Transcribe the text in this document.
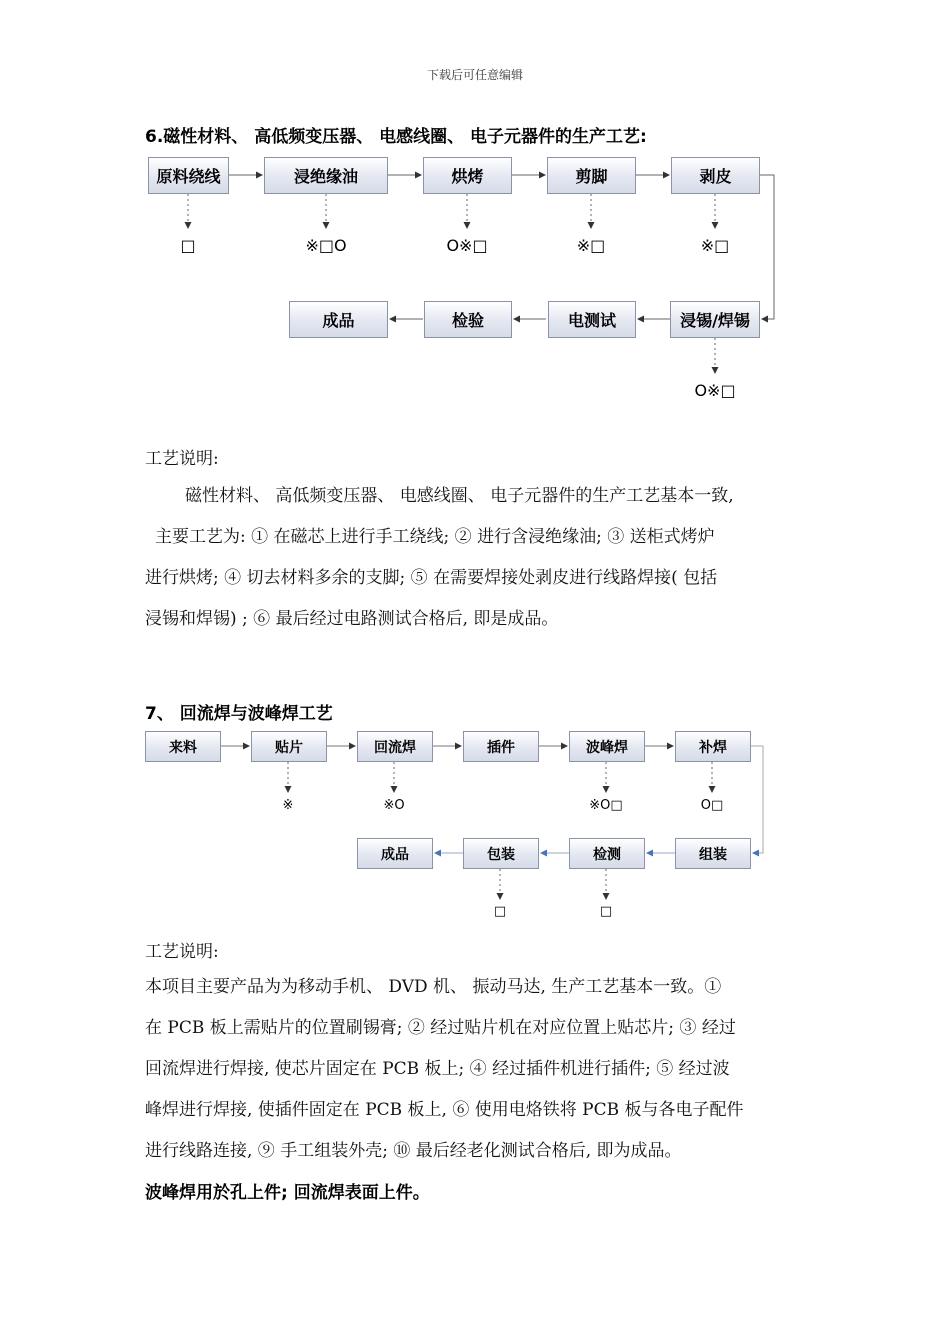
下载后可任意编辑
6.磁性材料、 高低频变压器、 电感线圈、 电子元器件的生产工艺:
原料绕线	浸绝缘油	烘烤	剪脚	剥皮
浸锡/焊锡
电测试
检验
成品
□	※□O	O※□	※□	※□
O※□
工艺说明:
磁性材料、 高低频变压器、 电感线圈、 电子元器件的生产工艺基本一致,
主要工艺为: ① 在磁芯上进行手工绕线; ② 进行含浸绝缘油; ③ 送柜式烤炉
进行烘烤; ④ 切去材料多余的支脚; ⑤ 在需要焊接处剥皮进行线路焊接( 包括
浸锡和焊锡) ; ⑥ 最后经过电路测试合格后, 即是成品。
7、 回流焊与波峰焊工艺
来料	贴片	回流焊	插件	波峰焊	补焊
组装
检测
包装
成品
※	※O	※O□	O□
□	□
工艺说明:
本项目主要产品为为移动手机、 DVD 机、 振动马达, 生产工艺基本一致。①
在 PCB 板上需贴片的位置刷锡膏; ② 经过贴片机在对应位置上贴芯片; ③ 经过
回流焊进行焊接, 使芯片固定在 PCB 板上; ④ 经过插件机进行插件; ⑤ 经过波
峰焊进行焊接, 使插件固定在 PCB 板上, ⑥ 使用电烙铁将 PCB 板与各电子配件
进行线路连接, ⑨ 手工组装外壳; ⑩ 最后经老化测试合格后, 即为成品。
波峰焊用於孔上件; 回流焊表面上件。
